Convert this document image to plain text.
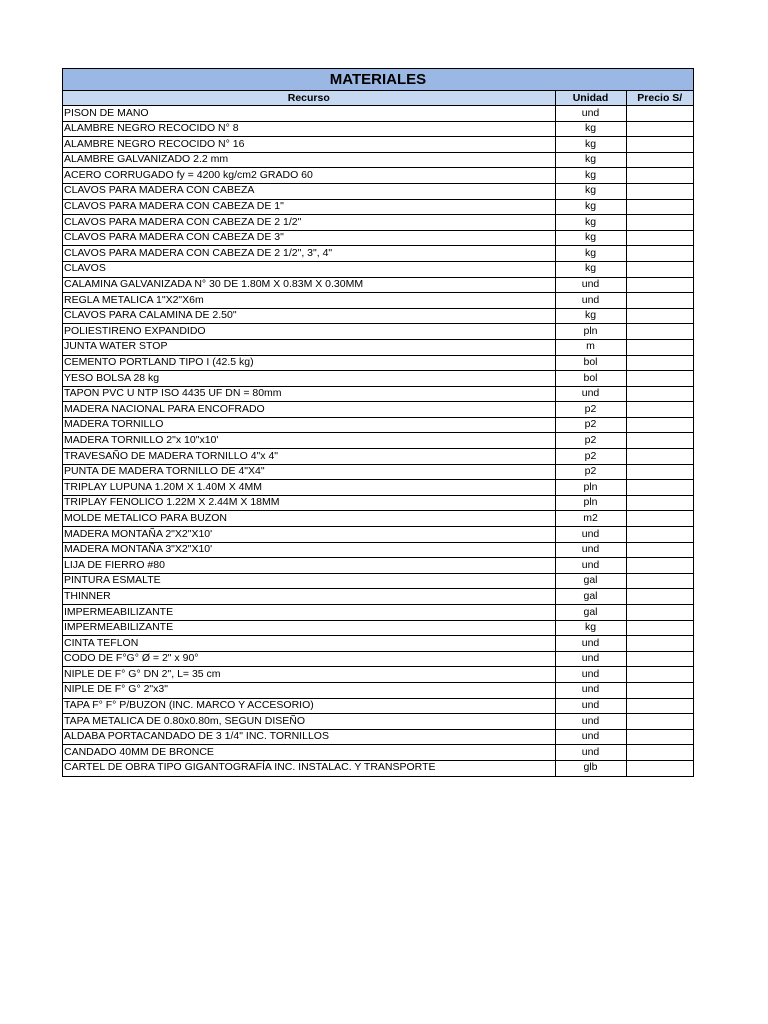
MATERIALES
Recurso	Unidad	Precio S/
PISON DE MANO	und	
ALAMBRE NEGRO RECOCIDO N° 8	kg	
ALAMBRE NEGRO RECOCIDO N° 16	kg	
ALAMBRE GALVANIZADO 2.2 mm	kg	
ACERO CORRUGADO fy = 4200 kg/cm2 GRADO 60	kg	
CLAVOS PARA MADERA CON CABEZA	kg	
CLAVOS PARA MADERA CON CABEZA DE 1"	kg	
CLAVOS PARA MADERA CON CABEZA DE 2 1/2"	kg	
CLAVOS PARA MADERA CON CABEZA DE 3"	kg	
CLAVOS PARA MADERA CON CABEZA DE 2 1/2", 3", 4"	kg	
CLAVOS	kg	
CALAMINA GALVANIZADA N° 30 DE 1.80M X 0.83M X 0.30MM	und	
REGLA METALICA 1"X2"X6m	und	
CLAVOS PARA CALAMINA DE 2.50"	kg	
POLIESTIRENO EXPANDIDO	pln	
JUNTA WATER STOP	m	
CEMENTO PORTLAND TIPO I (42.5 kg)	bol	
YESO BOLSA 28 kg	bol	
TAPON PVC U NTP ISO 4435 UF DN = 80mm	und	
MADERA NACIONAL PARA ENCOFRADO	p2	
MADERA TORNILLO	p2	
MADERA TORNILLO 2"x 10"x10'	p2	
TRAVESAÑO DE MADERA TORNILLO 4"x 4"	p2	
PUNTA DE MADERA TORNILLO DE 4"X4"	p2	
TRIPLAY LUPUNA 1.20M X 1.40M X 4MM	pln	
TRIPLAY FENOLICO 1.22M X 2.44M X 18MM	pln	
MOLDE METALICO PARA BUZON	m2	
MADERA MONTAÑA 2"X2"X10'	und	
MADERA MONTAÑA 3"X2"X10'	und	
LIJA DE FIERRO #80	und	
PINTURA ESMALTE	gal	
THINNER	gal	
IMPERMEABILIZANTE	gal	
IMPERMEABILIZANTE	kg	
CINTA TEFLON	und	
CODO DE F°G° Ø = 2" x 90°	und	
NIPLE DE F° G° DN 2", L= 35 cm	und	
NIPLE DE F° G° 2"x3"	und	
TAPA F° F° P/BUZON (INC. MARCO Y ACCESORIO)	und	
TAPA METALICA DE 0.80x0.80m, SEGUN DISEÑO	und	
ALDABA PORTACANDADO DE 3 1/4" INC. TORNILLOS	und	
CANDADO 40MM DE BRONCE	und	
CARTEL DE OBRA TIPO GIGANTOGRAFÍA INC. INSTALAC. Y TRANSPORTE	glb	
